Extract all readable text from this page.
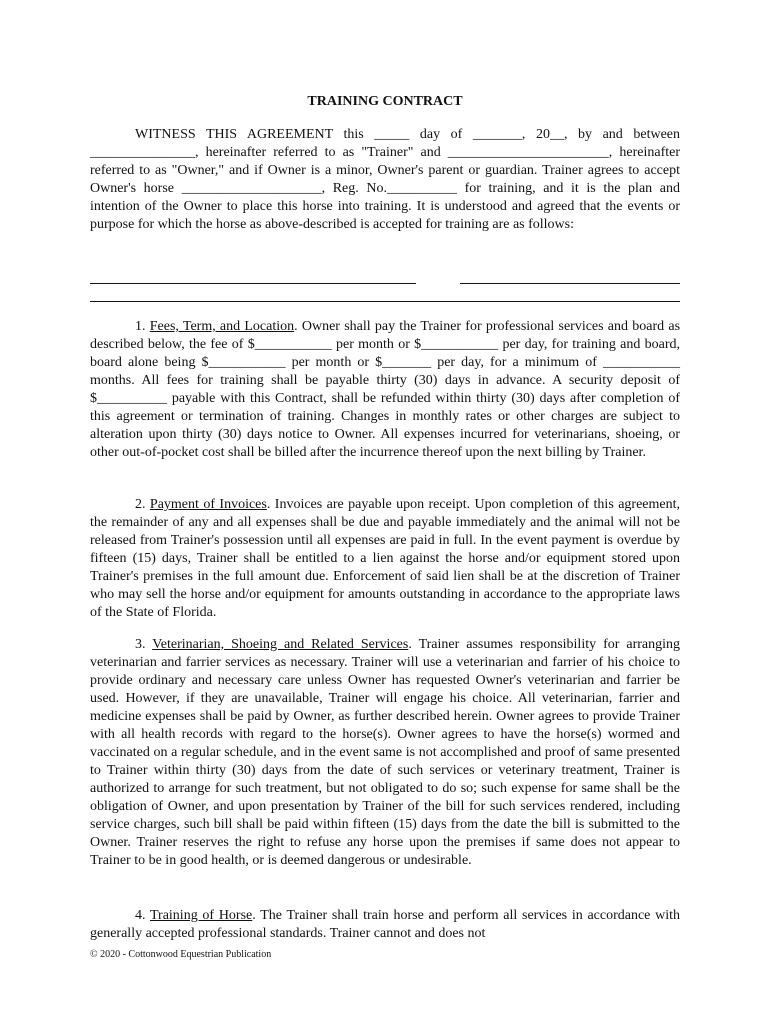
TRAINING CONTRACT

WITNESS THIS AGREEMENT this _____ day of _______, 20__, by and between _______________, hereinafter referred to as "Trainer" and _______________________, hereinafter referred to as "Owner," and if Owner is a minor, Owner's parent or guardian. Trainer agrees to accept Owner's horse ____________________, Reg. No.__________ for training, and it is the plan and intention of the Owner to place this horse into training. It is understood and agreed that the events or purpose for which the horse as above-described is accepted for training are as follows:

1. Fees, Term, and Location. Owner shall pay the Trainer for professional services and board as described below, the fee of $___________ per month or $___________ per day, for training and board, board alone being $___________ per month or $_______ per day, for a minimum of ___________ months. All fees for training shall be payable thirty (30) days in advance. A security deposit of $__________ payable with this Contract, shall be refunded within thirty (30) days after completion of this agreement or termination of training. Changes in monthly rates or other charges are subject to alteration upon thirty (30) days notice to Owner. All expenses incurred for veterinarians, shoeing, or other out-of-pocket cost shall be billed after the incurrence thereof upon the next billing by Trainer.

2. Payment of Invoices. Invoices are payable upon receipt. Upon completion of this agreement, the remainder of any and all expenses shall be due and payable immediately and the animal will not be released from Trainer's possession until all expenses are paid in full. In the event payment is overdue by fifteen (15) days, Trainer shall be entitled to a lien against the horse and/or equipment stored upon Trainer's premises in the full amount due. Enforcement of said lien shall be at the discretion of Trainer who may sell the horse and/or equipment for amounts outstanding in accordance to the appropriate laws of the State of Florida.

3. Veterinarian, Shoeing and Related Services. Trainer assumes responsibility for arranging veterinarian and farrier services as necessary. Trainer will use a veterinarian and farrier of his choice to provide ordinary and necessary care unless Owner has requested Owner's veterinarian and farrier be used. However, if they are unavailable, Trainer will engage his choice. All veterinarian, farrier and medicine expenses shall be paid by Owner, as further described herein. Owner agrees to provide Trainer with all health records with regard to the horse(s). Owner agrees to have the horse(s) wormed and vaccinated on a regular schedule, and in the event same is not accomplished and proof of same presented to Trainer within thirty (30) days from the date of such services or veterinary treatment, Trainer is authorized to arrange for such treatment, but not obligated to do so; such expense for same shall be the obligation of Owner, and upon presentation by Trainer of the bill for such services rendered, including service charges, such bill shall be paid within fifteen (15) days from the date the bill is submitted to the Owner. Trainer reserves the right to refuse any horse upon the premises if same does not appear to Trainer to be in good health, or is deemed dangerous or undesirable.

4. Training of Horse. The Trainer shall train horse and perform all services in accordance with generally accepted professional standards. Trainer cannot and does not

© 2020 - Cottonwood Equestrian Publication
